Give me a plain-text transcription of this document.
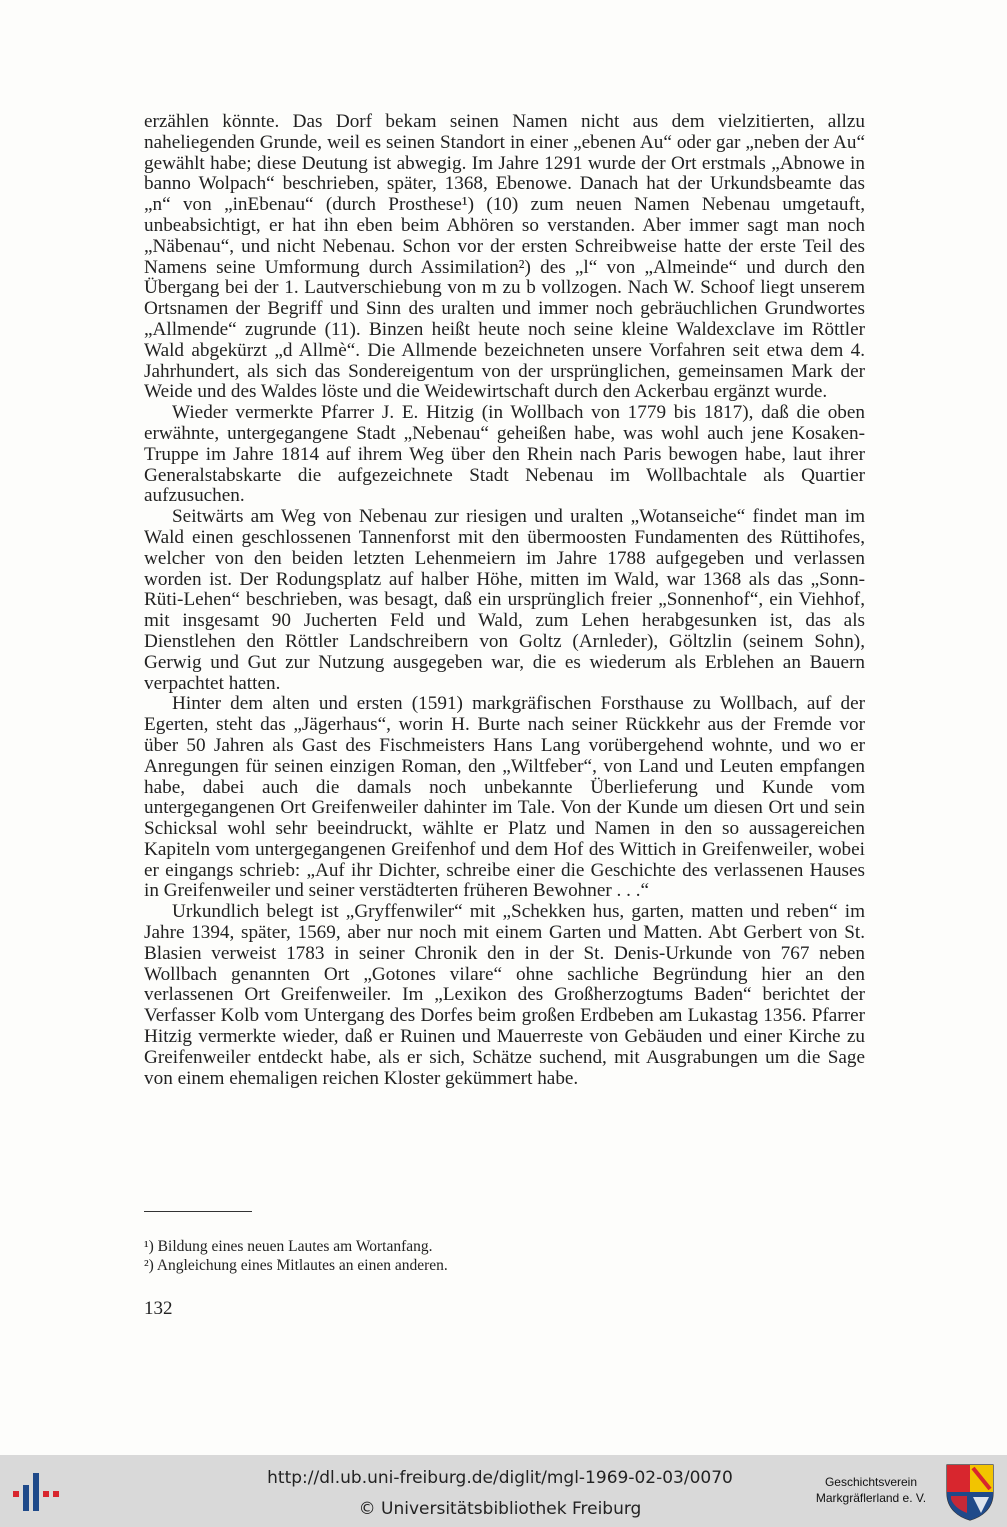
erzählen könnte. Das Dorf bekam seinen Namen nicht aus dem vielzitierten, allzu naheliegenden Grunde, weil es seinen Standort in einer „ebenen Au“ oder gar „neben der Au“ gewählt habe; diese Deutung ist abwegig. Im Jahre 1291 wurde der Ort erstmals „Abnowe in banno Wolpach“ beschrieben, später, 1368, Ebenowe. Danach hat der Urkundsbeamte das „n“ von „inEbenau“ (durch Prosthese¹) (10) zum neuen Namen Nebenau umgetauft, unbeabsichtigt, er hat ihn eben beim Abhören so verstanden. Aber immer sagt man noch „Näbenau“, und nicht Nebenau. Schon vor der ersten Schreibweise hatte der erste Teil des Namens seine Umformung durch Assimilation²) des „l“ von „Almeinde“ und durch den Übergang bei der 1. Lautverschiebung von m zu b vollzogen. Nach W. Schoof liegt unserem Ortsnamen der Begriff und Sinn des uralten und immer noch gebräuchlichen Grundwortes „Allmende“ zugrunde (11). Binzen heißt heute noch seine kleine Waldexclave im Röttler Wald abgekürzt „d Allmè“. Die Allmende bezeichneten unsere Vorfahren seit etwa dem 4. Jahrhundert, als sich das Sondereigentum von der ursprünglichen, gemeinsamen Mark der Weide und des Waldes löste und die Weidewirtschaft durch den Ackerbau ergänzt wurde.

Wieder vermerkte Pfarrer J. E. Hitzig (in Wollbach von 1779 bis 1817), daß die oben erwähnte, untergegangene Stadt „Nebenau“ geheißen habe, was wohl auch jene Kosaken-Truppe im Jahre 1814 auf ihrem Weg über den Rhein nach Paris bewogen habe, laut ihrer Generalstabskarte die aufgezeichnete Stadt Nebenau im Wollbachtale als Quartier aufzusuchen.

Seitwärts am Weg von Nebenau zur riesigen und uralten „Wotanseiche“ findet man im Wald einen geschlossenen Tannenforst mit den übermoosten Fundamenten des Rüttihofes, welcher von den beiden letzten Lehenmeiern im Jahre 1788 aufgegeben und verlassen worden ist. Der Rodungsplatz auf halber Höhe, mitten im Wald, war 1368 als das „Sonn-Rüti-Lehen“ beschrieben, was besagt, daß ein ursprünglich freier „Sonnenhof“, ein Viehhof, mit insgesamt 90 Jucherten Feld und Wald, zum Lehen herabgesunken ist, das als Dienstlehen den Röttler Landschreibern von Goltz (Arnleder), Göltzlin (seinem Sohn), Gerwig und Gut zur Nutzung ausgegeben war, die es wiederum als Erblehen an Bauern verpachtet hatten.

Hinter dem alten und ersten (1591) markgräfischen Forsthause zu Wollbach, auf der Egerten, steht das „Jägerhaus“, worin H. Burte nach seiner Rückkehr aus der Fremde vor über 50 Jahren als Gast des Fischmeisters Hans Lang vorübergehend wohnte, und wo er Anregungen für seinen einzigen Roman, den „Wiltfeber“, von Land und Leuten empfangen habe, dabei auch die damals noch unbekannte Überlieferung und Kunde vom untergegangenen Ort Greifenweiler dahinter im Tale. Von der Kunde um diesen Ort und sein Schicksal wohl sehr beeindruckt, wählte er Platz und Namen in den so aussagereichen Kapiteln vom untergegangenen Greifenhof und dem Hof des Wittich in Greifenweiler, wobei er eingangs schrieb: „Auf ihr Dichter, schreibe einer die Geschichte des verlassenen Hauses in Greifenweiler und seiner verstädterten früheren Bewohner . . .“

Urkundlich belegt ist „Gryffenwiler“ mit „Schekken hus, garten, matten und reben“ im Jahre 1394, später, 1569, aber nur noch mit einem Garten und Matten. Abt Gerbert von St. Blasien verweist 1783 in seiner Chronik den in der St. Denis-Urkunde von 767 neben Wollbach genannten Ort „Gotones vilare“ ohne sachliche Begründung hier an den verlassenen Ort Greifenweiler. Im „Lexikon des Großherzogtums Baden“ berichtet der Verfasser Kolb vom Untergang des Dorfes beim großen Erdbeben am Lukastag 1356. Pfarrer Hitzig vermerkte wieder, daß er Ruinen und Mauerreste von Gebäuden und einer Kirche zu Greifenweiler entdeckt habe, als er sich, Schätze suchend, mit Ausgrabungen um die Sage von einem ehemaligen reichen Kloster gekümmert habe.

¹) Bildung eines neuen Lautes am Wortanfang.
²) Angleichung eines Mitlautes an einen anderen.
132
http://dl.ub.uni-freiburg.de/diglit/mgl-1969-02-03/0070
© Universitätsbibliothek Freiburg
Geschichtsverein
Markgräflerland e. V.
